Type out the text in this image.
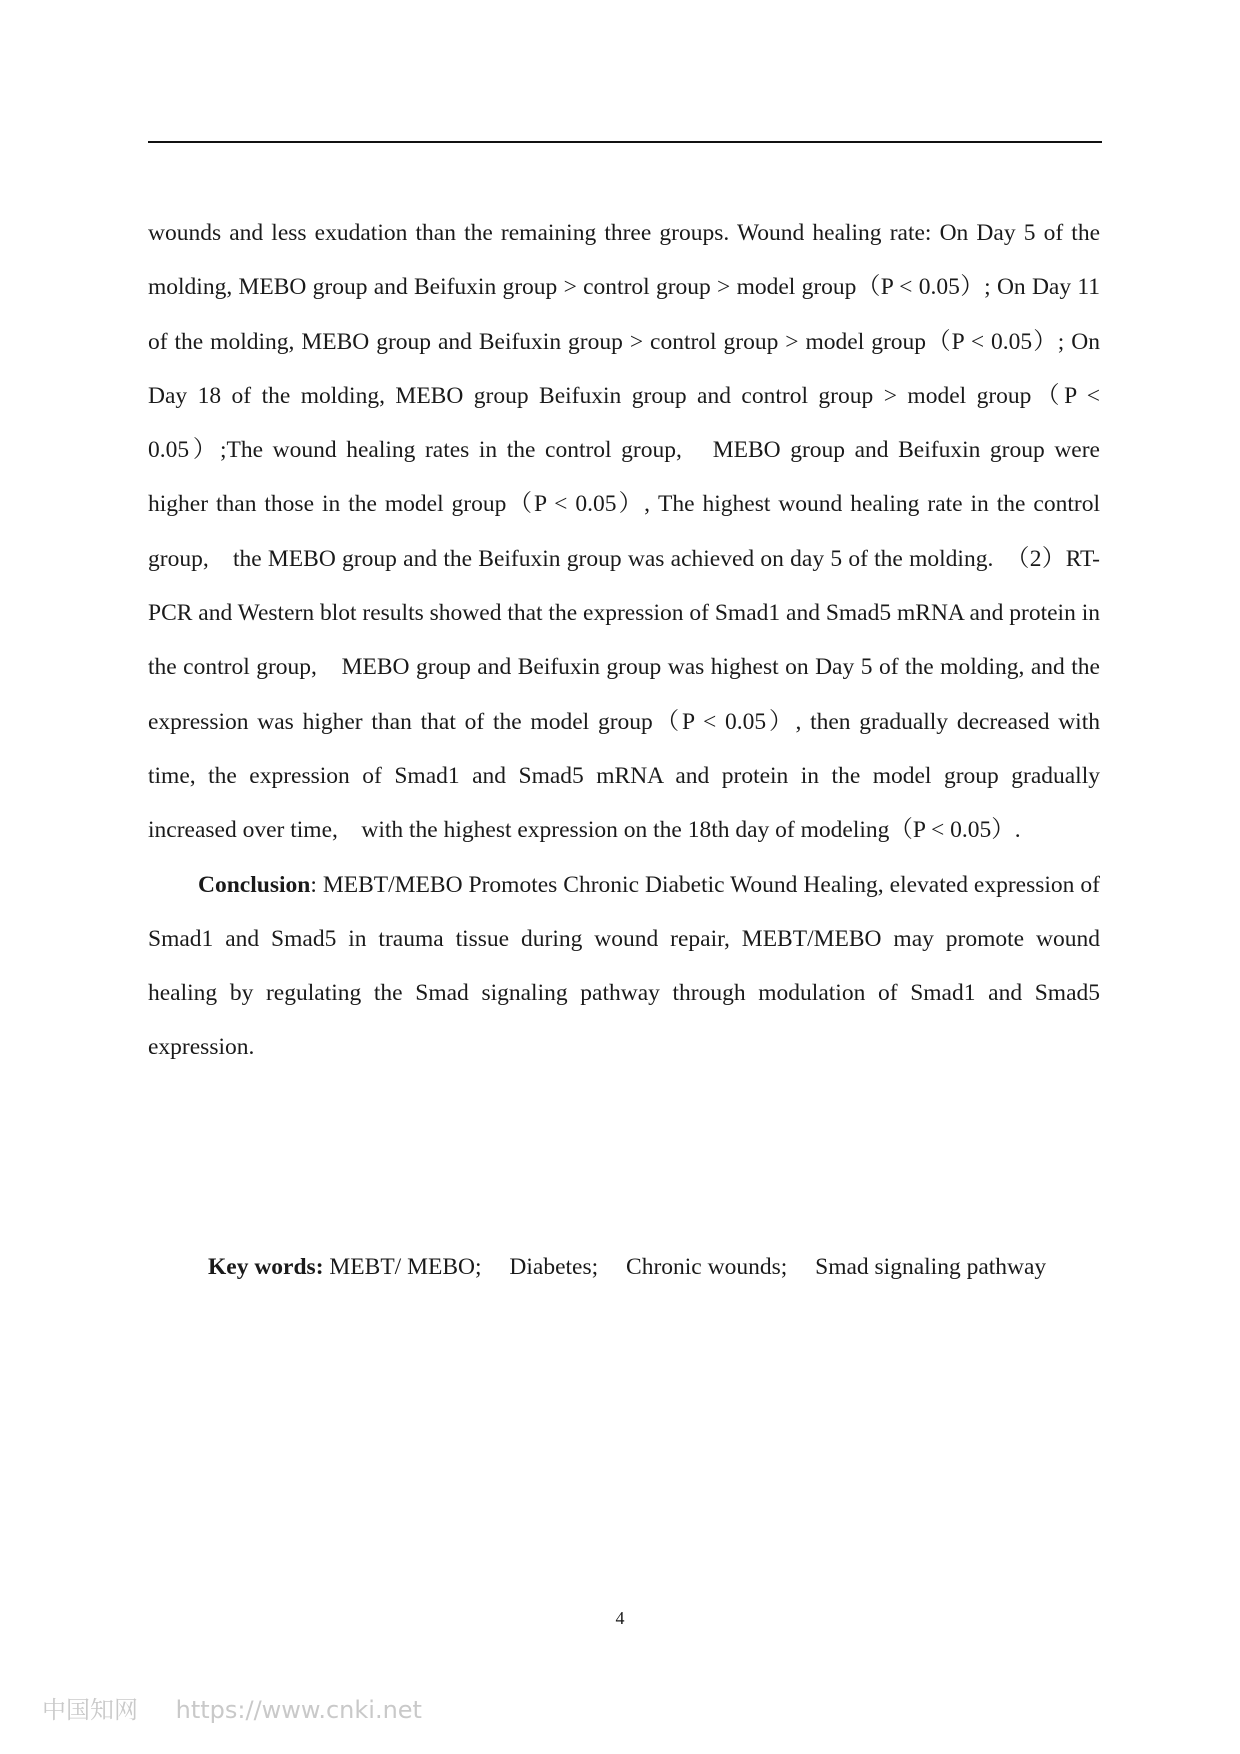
wounds and less exudation than the remaining three groups. Wound healing rate: On Day 5 of the molding, MEBO group and Beifuxin group > control group > model group（P < 0.05）; On Day 11 of the molding, MEBO group and Beifuxin group > control group > model group（P < 0.05）; On Day 18 of the molding, MEBO group Beifuxin group and control group > model group（P < 0.05）;The wound healing rates in the control group,　MEBO group and Beifuxin group were higher than those in the model group（P < 0.05）, The highest wound healing rate in the control group,　the MEBO group and the Beifuxin group was achieved on day 5 of the molding.　（2）RT-PCR and Western blot results showed that the expression of Smad1 and Smad5 mRNA and protein in the control group,　MEBO group and Beifuxin group was highest on Day 5 of the molding, and the expression was higher than that of the model group（P < 0.05）, then gradually decreased with time, the expression of Smad1 and Smad5 mRNA and protein in the model group gradually increased over time,　with the highest expression on the 18th day of modeling（P < 0.05）.

Conclusion: MEBT/MEBO Promotes Chronic Diabetic Wound Healing, elevated expression of Smad1 and Smad5 in trauma tissue during wound repair, MEBT/MEBO may promote wound healing by regulating the Smad signaling pathway through modulation of Smad1 and Smad5 expression.

Key words: MEBT/ MEBO; Diabetes; Chronic wounds; Smad signaling pathway
4
中国知网 https://www.cnki.net
